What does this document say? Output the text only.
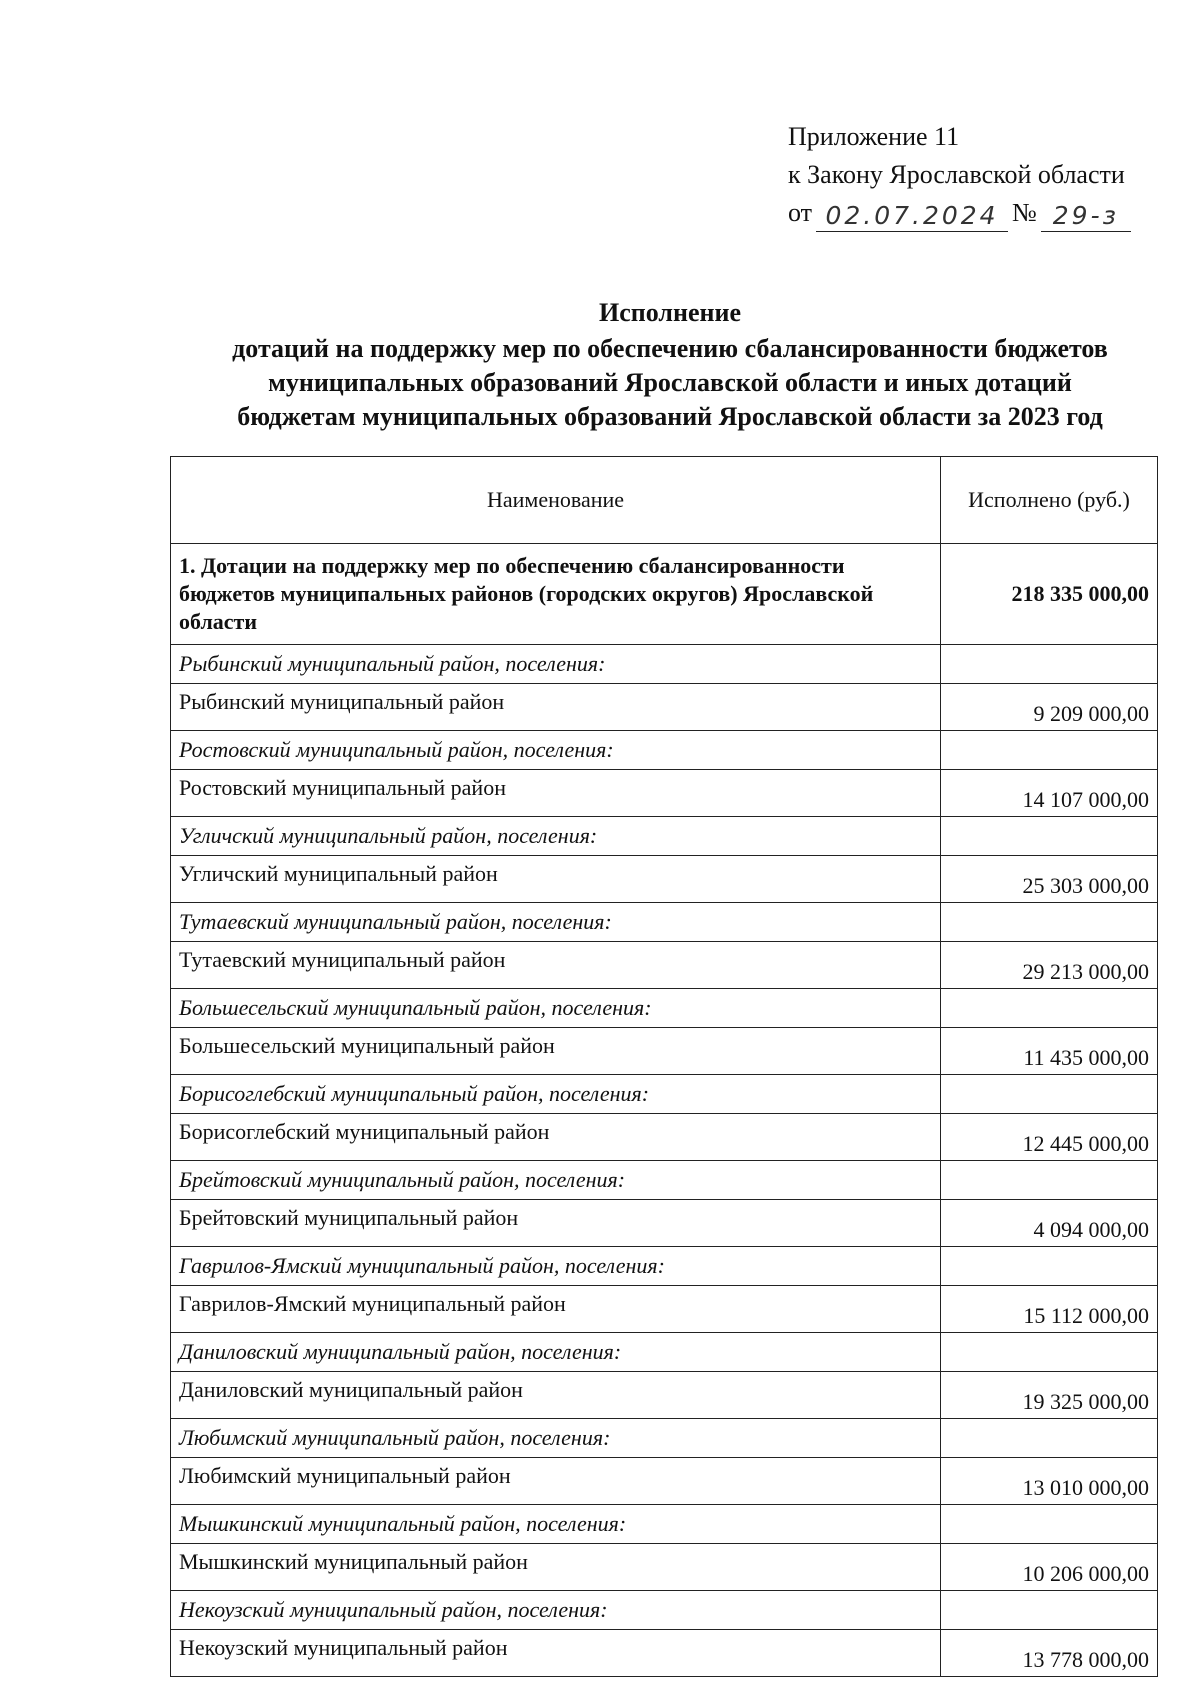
Приложение 11
к Закону Ярославской области
от 02.07.2024 № 29-з
Исполнение
дотаций на поддержку мер по обеспечению сбалансированности бюджетов
муниципальных образований Ярославской области и иных дотаций
бюджетам муниципальных образований Ярославской области за 2023 год
Наименование	Исполнено (руб.)
1. Дотации на поддержку мер по обеспечению сбалансированности бюджетов муниципальных районов (городских округов) Ярославской области	218 335 000,00
Рыбинский муниципальный район, поселения:	
Рыбинский муниципальный район	9 209 000,00
Ростовский муниципальный район, поселения:	
Ростовский муниципальный район	14 107 000,00
Угличский муниципальный район, поселения:	
Угличский муниципальный район	25 303 000,00
Тутаевский муниципальный район, поселения:	
Тутаевский муниципальный район	29 213 000,00
Большесельский муниципальный район, поселения:	
Большесельский муниципальный район	11 435 000,00
Борисоглебский муниципальный район, поселения:	
Борисоглебский муниципальный район	12 445 000,00
Брейтовский муниципальный район, поселения:	
Брейтовский муниципальный район	4 094 000,00
Гаврилов-Ямский муниципальный район, поселения:	
Гаврилов-Ямский муниципальный район	15 112 000,00
Даниловский муниципальный район, поселения:	
Даниловский муниципальный район	19 325 000,00
Любимский муниципальный район, поселения:	
Любимский муниципальный район	13 010 000,00
Мышкинский муниципальный район, поселения:	
Мышкинский муниципальный район	10 206 000,00
Некоузский муниципальный район, поселения:	
Некоузский муниципальный район	13 778 000,00
